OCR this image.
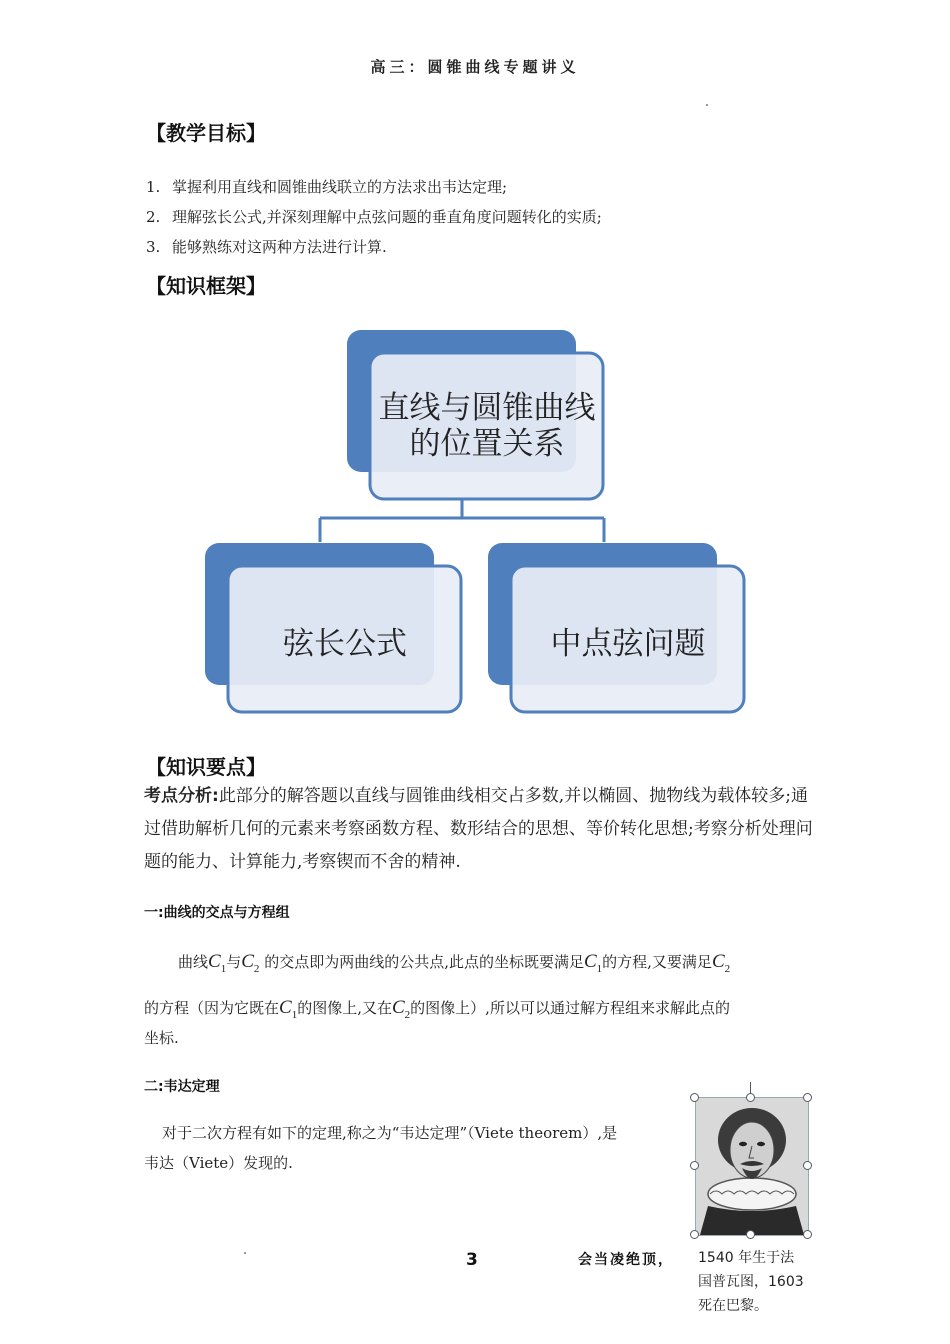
高三：圆锥曲线专题讲义
【教学目标】
1. 掌握利用直线和圆锥曲线联立的方法求出韦达定理;
2. 理解弦长公式,并深刻理解中点弦问题的垂直角度问题转化的实质;
3. 能够熟练对这两种方法进行计算.
【知识框架】
直线与圆锥曲线的位置关系
弦长公式	中点弦问题
【知识要点】
考点分析:此部分的解答题以直线与圆锥曲线相交占多数,并以椭圆、抛物线为载体较多;通过借助解析几何的元素来考察函数方程、数形结合的思想、等价转化思想;考察分析处理问题的能力、计算能力,考察锲而不舍的精神.
一:曲线的交点与方程组
曲线$C_1$与$C_2$ 的交点即为两曲线的公共点,此点的坐标既要满足$C_1$的方程,又要满足$C_2$
的方程（因为它既在$C_1$的图像上,又在$C_2$的图像上）,所以可以通过解方程组来求解此点的
坐标.
二:韦达定理
对于二次方程有如下的定理,称之为“韦达定理”（Viete theorem）,是
韦达（Viete）发现的.
3	会当凌绝顶， 1540 年生于法
国普瓦图，1603
死在巴黎。
